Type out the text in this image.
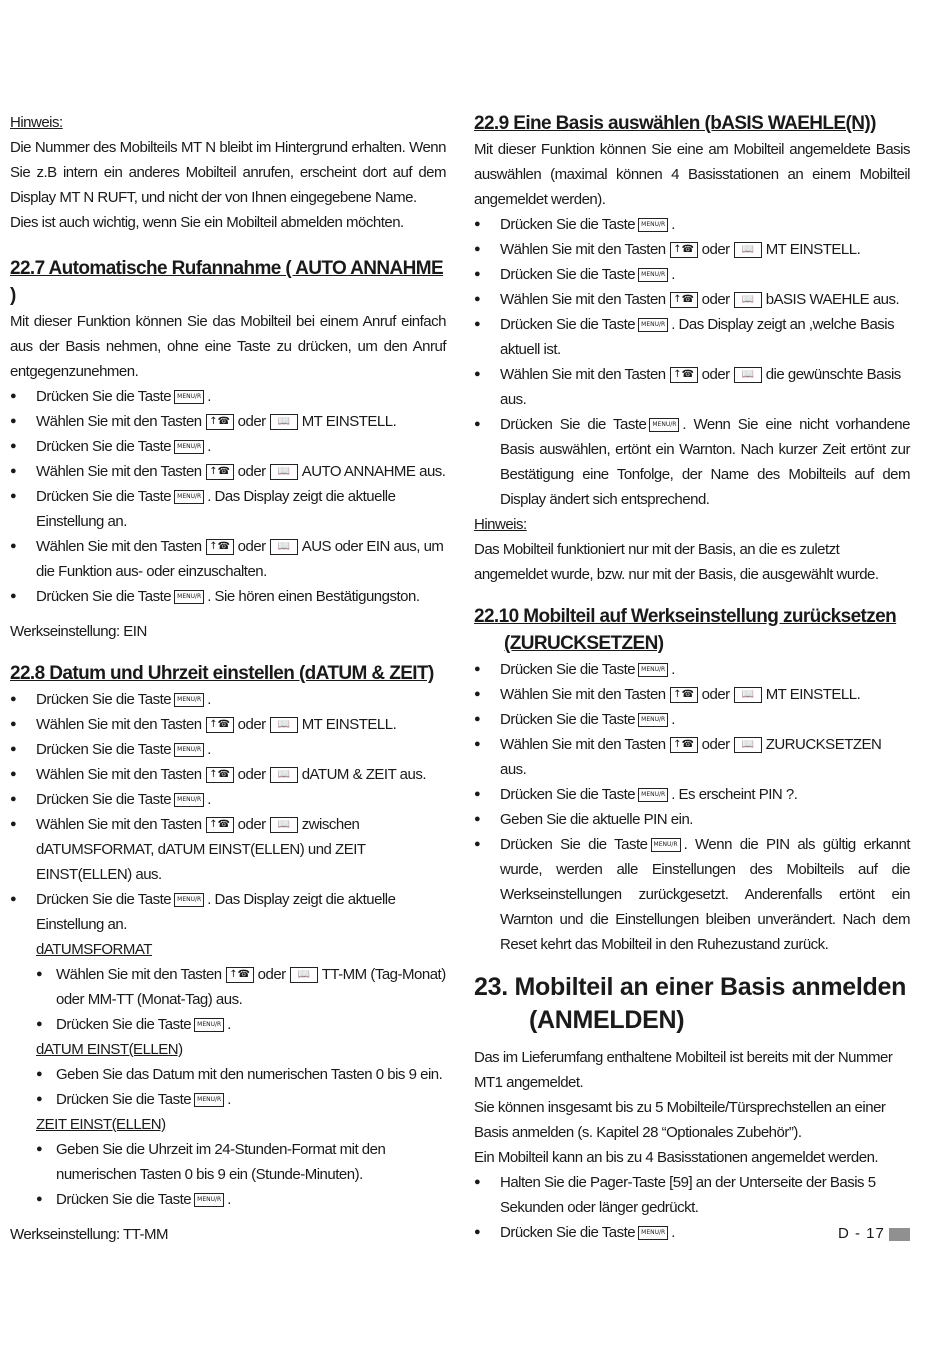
Hinweis:

Die Nummer des Mobilteils MT N bleibt im Hintergrund erhalten. Wenn Sie z.B intern ein anderes Mobilteil anrufen, erscheint dort auf dem Display MT N RUFT, und nicht der von Ihnen eingegebene Name.

Dies ist auch wichtig, wenn Sie ein Mobilteil abmelden möchten.

22.7 Automatische Rufannahme ( AUTO ANNAHME )

Mit dieser Funktion können Sie das Mobilteil bei einem Anruf einfach aus der Basis nehmen, ohne eine Taste zu drücken, um den Anruf entgegenzunehmen.

● Drücken Sie die Taste MENU/R .
● Wählen Sie mit den Tasten ↑☎ oder 📖 MT EINSTELL.
● Drücken Sie die Taste MENU/R .
● Wählen Sie mit den Tasten ↑☎ oder 📖 AUTO ANNAHME aus.
● Drücken Sie die Taste MENU/R . Das Display zeigt die aktuelle Einstellung an.
● Wählen Sie mit den Tasten ↑☎ oder 📖 AUS oder EIN aus, um die Funktion aus- oder einzuschalten.
● Drücken Sie die Taste MENU/R . Sie hören einen Bestätigungston.

Werkseinstellung: EIN

22.8 Datum und Uhrzeit einstellen (dATUM & ZEIT)
● Drücken Sie die Taste MENU/R .
● Wählen Sie mit den Tasten ↑☎ oder 📖 MT EINSTELL.
● Drücken Sie die Taste MENU/R .
● Wählen Sie mit den Tasten ↑☎ oder 📖 dATUM & ZEIT aus.
● Drücken Sie die Taste MENU/R .
● Wählen Sie mit den Tasten ↑☎ oder 📖 zwischen dATUMSFORMAT, dATUM EINST(ELLEN) und ZEIT EINST(ELLEN) aus.
● Drücken Sie die Taste MENU/R . Das Display zeigt die aktuelle Einstellung an.

dATUMSFORMAT

● Wählen Sie mit den Tasten ↑☎ oder 📖 TT-MM (Tag-Monat) oder MM-TT (Monat-Tag) aus.
● Drücken Sie die Taste MENU/R .

dATUM EINST(ELLEN)

● Geben Sie das Datum mit den numerischen Tasten 0 bis 9 ein.
● Drücken Sie die Taste MENU/R .

ZEIT EINST(ELLEN)

● Geben Sie die Uhrzeit im 24-Stunden-Format mit den numerischen Tasten 0 bis 9 ein (Stunde-Minuten).
● Drücken Sie die Taste MENU/R .

Werkseinstellung: TT-MM

22.9 Eine Basis auswählen (bASIS WAEHLE(N))

Mit dieser Funktion können Sie eine am Mobilteil angemeldete Basis auswählen (maximal können 4 Basisstationen an einem Mobilteil angemeldet werden).

● Drücken Sie die Taste MENU/R .
● Wählen Sie mit den Tasten ↑☎ oder 📖 MT EINSTELL.
● Drücken Sie die Taste MENU/R .
● Wählen Sie mit den Tasten ↑☎ oder 📖 bASIS WAEHLE aus.
● Drücken Sie die Taste MENU/R . Das Display zeigt an ,welche Basis aktuell ist.
● Wählen Sie mit den Tasten ↑☎ oder 📖 die gewünschte Basis aus.
● Drücken Sie die Taste MENU/R . Wenn Sie eine nicht vorhandene Basis auswählen, ertönt ein Warnton. Nach kurzer Zeit ertönt zur Bestätigung eine Tonfolge, der Name des Mobilteils auf dem Display ändert sich entsprechend.

Hinweis:

Das Mobilteil funktioniert nur mit der Basis, an die es zuletzt angemeldet wurde, bzw. nur mit der Basis, die ausgewählt wurde.

22.10 Mobilteil auf Werkseinstellung zurücksetzen
(ZURUCKSETZEN)
● Drücken Sie die Taste MENU/R .
● Wählen Sie mit den Tasten ↑☎ oder 📖 MT EINSTELL.
● Drücken Sie die Taste MENU/R .
● Wählen Sie mit den Tasten ↑☎ oder 📖 ZURUCKSETZEN aus.
● Drücken Sie die Taste MENU/R . Es erscheint PIN ?.
● Geben Sie die aktuelle PIN ein.
● Drücken Sie die Taste MENU/R . Wenn die PIN als gültig erkannt wurde, werden alle Einstellungen des Mobilteils auf die Werkseinstellungen zurückgesetzt. Anderenfalls ertönt ein Warnton und die Einstellungen bleiben unverändert. Nach dem Reset kehrt das Mobilteil in den Ruhezustand zurück.
23. Mobilteil an einer Basis anmelden
(ANMELDEN)

Das im Lieferumfang enthaltene Mobilteil ist bereits mit der Nummer MT1 angemeldet.

Sie können insgesamt bis zu 5 Mobilteile/Türsprechstellen an einer Basis anmelden (s. Kapitel 28 “Optionales Zubehör”).

Ein Mobilteil kann an bis zu 4 Basisstationen angemeldet werden.

● Halten Sie die Pager-Taste [59] an der Unterseite der Basis 5 Sekunden oder länger gedrückt.
● Drücken Sie die Taste MENU/R .	D - 17
